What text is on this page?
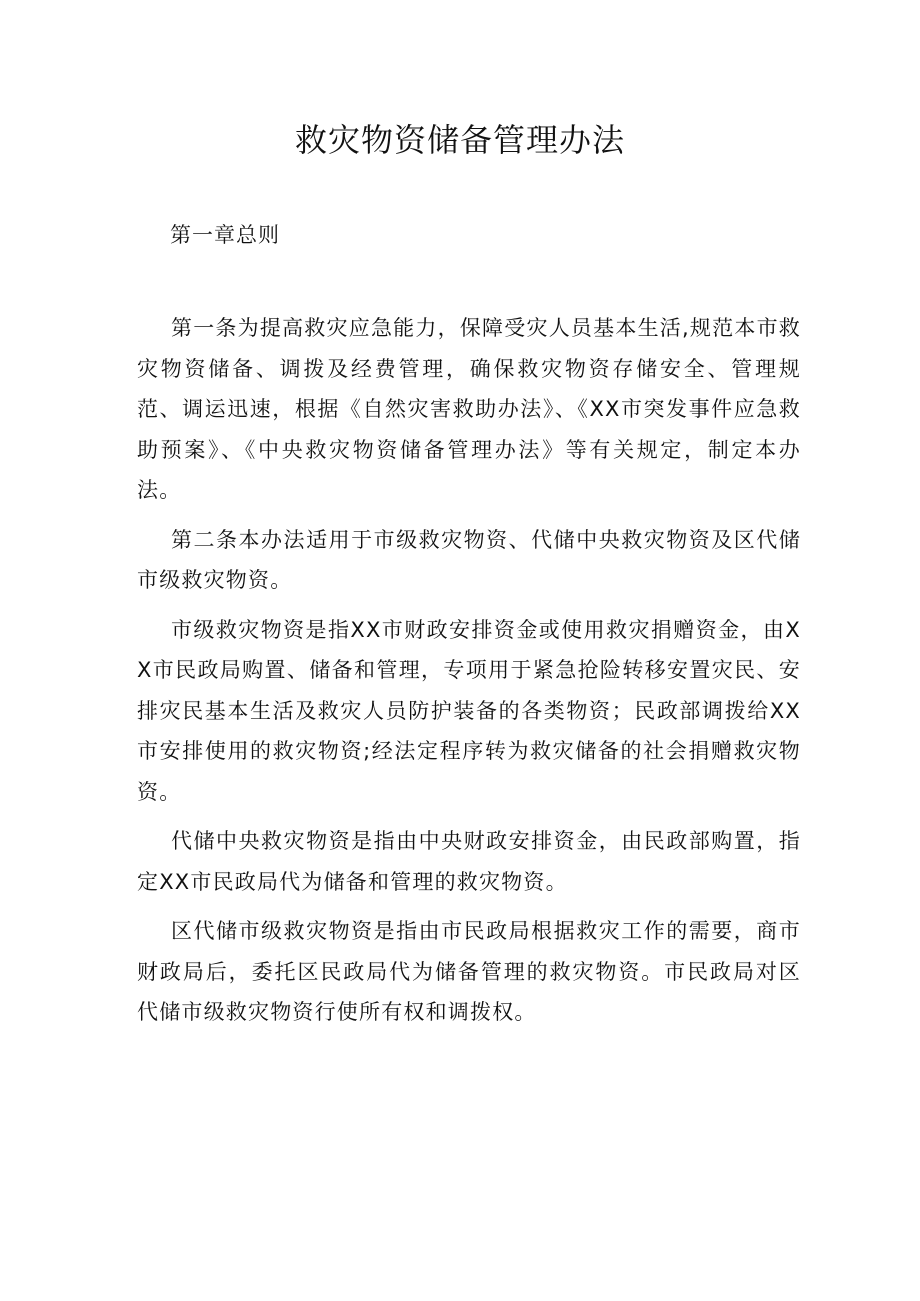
救灾物资储备管理办法

第一章总则

第一条为提高救灾应急能力，保障受灾人员基本生活,规范本市救灾物资储备、调拨及经费管理，确保救灾物资存储安全、管理规范、调运迅速，根据《自然灾害救助办法》、《XX市突发事件应急救助预案》、《中央救灾物资储备管理办法》等有关规定，制定本办法。

第二条本办法适用于市级救灾物资、代储中央救灾物资及区代储市级救灾物资。

市级救灾物资是指XX市财政安排资金或使用救灾捐赠资金，由XX市民政局购置、储备和管理，专项用于紧急抢险转移安置灾民、安排灾民基本生活及救灾人员防护装备的各类物资；民政部调拨给XX市安排使用的救灾物资;经法定程序转为救灾储备的社会捐赠救灾物资。

代储中央救灾物资是指由中央财政安排资金，由民政部购置，指定XX市民政局代为储备和管理的救灾物资。

区代储市级救灾物资是指由市民政局根据救灾工作的需要，商市财政局后，委托区民政局代为储备管理的救灾物资。市民政局对区代储市级救灾物资行使所有权和调拨权。
